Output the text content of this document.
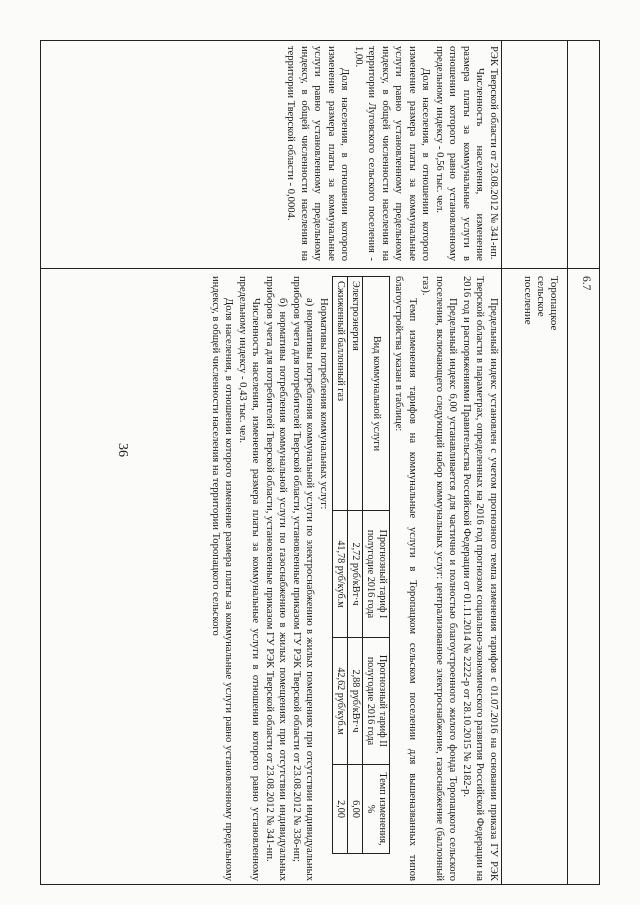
36
РЭК Тверской области от 23.08.2012 № 341-нп.
Численность населения, изменение размера платы за коммунальные услуги в отношении которого равно установленному предельному индексу - 0,56 тыс. чел.
Доля населения, в отношении которого изменение размера платы за коммунальные услуги равно установленному предельному индексу, в общей численности населения на территории Луговского сельского поселения - 1,00.
Доля населения, в отношении которого изменение размера платы за коммунальные услуги равно установленному предельному индексу, в общей численности населения на территории Тверской области - 0,0004.
6.7
Торопацкое сельское поселение
Предельный индекс установлен с учетом прогнозного темпа изменения тарифов с 01.07.2016 на основании приказа ГУ РЭК Тверской области в параметрах, определенных на 2016 год прогнозом социально-экономического развития Российской Федерации на 2016 год и распоряжениями Правительства Российской Федерации от 01.11.2014 № 2222-р от 28.10.2015 № 2182-р.
Предельный индекс 6,00 устанавливается для частично и полностью благоустроенного жилого фонда Торопацкого сельского поселения, включающего следующий набор коммунальных услуг: централизованное электроснабжение, газоснабжение (баллонный газ).
Темп изменения тарифов на коммунальные услуги в Торопацком сельском поселении для вышеназванных типов благоустройства указан в таблице:
Вид коммунальной услуги	Прогнозный тариф I полугодие 2016 года	Прогнозный тариф II полугодие 2016 года	Темп изменения, %
Электроэнергия	2,72 руб/кВт·ч	2,88 руб/кВт·ч	6,00
Сжиженный баллонный газ	41,78 руб/куб.м	42,62 руб/куб.м	2,00
Нормативы потребления коммунальных услуг:
а) нормативы потребления коммунальной услуги по электроснабжению в жилых помещениях при отсутствии индивидуальных приборов учета для потребителей Тверской области, установленные приказом ГУ РЭК Тверской области от 23.08.2012 № 336-нп;
б) нормативы потребления коммунальной услуги по газоснабжению в жилых помещениях при отсутствии индивидуальных приборов учета для потребителей Тверской области, установленные приказом ГУ РЭК Тверской области от 23.08.2012 № 341-нп.
Численность населения, изменение размера платы за коммунальные услуги в отношении которого равно установленному предельному индексу - 0,43 тыс. чел.
Доля населения, в отношении которого изменение размера платы за коммунальные услуги равно установленному предельному индексу, в общей численности населения на территории Торопацкого сельского
